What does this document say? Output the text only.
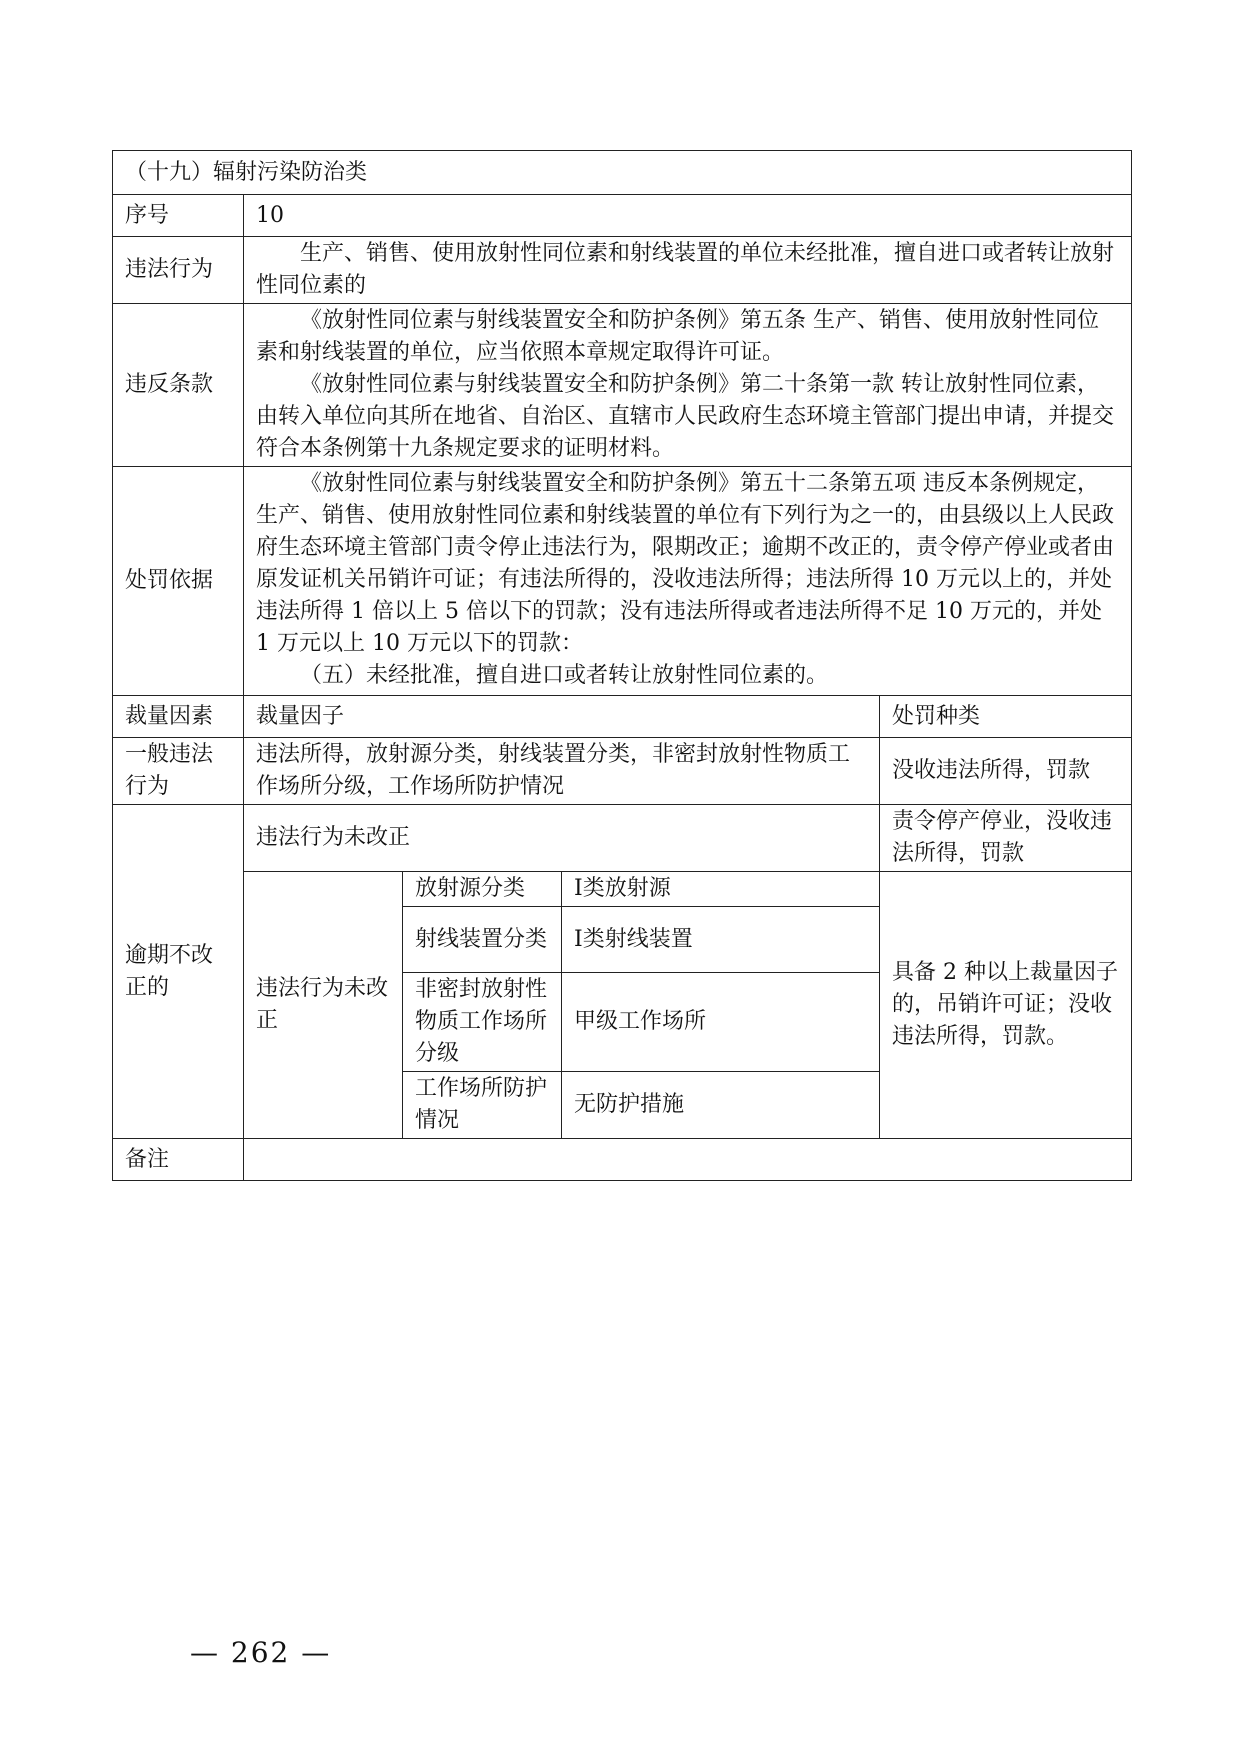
（十九）辐射污染防治类				
序号	10			
违法行为	生产、销售、使用放射性同位素和射线装置的单位未经批准，擅自进口或者转让放射性同位素的			

违反条款	《放射性同位素与射线装置安全和防护条例》第五条 生产、销售、使用放射性同位素和射线装置的单位，应当依照本章规定取得许可证。

《放射性同位素与射线装置安全和防护条例》第二十条第一款 转让放射性同位素，由转入单位向其所在地省、自治区、直辖市人民政府生态环境主管部门提出申请，并提交符合本条例第十九条规定要求的证明材料。			

处罚依据	《放射性同位素与射线装置安全和防护条例》第五十二条第五项 违反本条例规定，生产、销售、使用放射性同位素和射线装置的单位有下列行为之一的，由县级以上人民政府生态环境主管部门责令停止违法行为，限期改正；逾期不改正的，责令停产停业或者由原发证机关吊销许可证；有违法所得的，没收违法所得；违法所得 10 万元以上的，并处违法所得 1 倍以上 5 倍以下的罚款；没有违法所得或者违法所得不足 10 万元的，并处 1 万元以上 10 万元以下的罚款：

（五）未经批准，擅自进口或者转让放射性同位素的。			

裁量因素	裁量因子			处罚种类
一般违法行为	违法所得，放射源分类，射线装置分类，非密封放射性物质工作场所分级，工作场所防护情况			没收违法所得，罚款
逾期不改正的	违法行为未改正			责令停产停业，没收违法所得，罚款
	违法行为未改正	放射源分类	I类放射源	具备 2 种以上裁量因子的，吊销许可证；没收违法所得，罚款。
		射线装置分类	I类射线装置	
		非密封放射性物质工作场所分级	甲级工作场所	
		工作场所防护情况	无防护措施	
备注				
— 262 —
